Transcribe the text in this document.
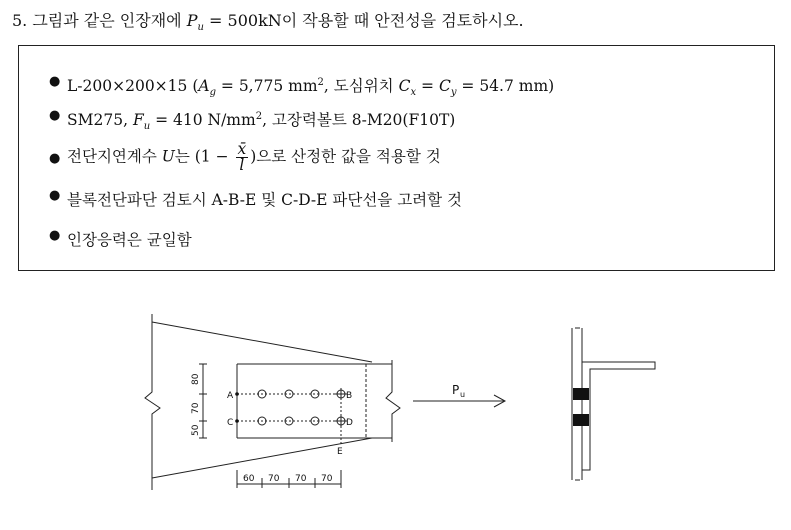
5. 그림과 같은 인장재에 $P_u = 500kN$이 작용할 때 안전성을 검토하시오.
● L-200×200×15 ($A_g = 5,775$ $mm^2$, 도심위치 $C_x = C_y = 54.7$ mm)
● SM275, $F_u = 410$ $N/mm^2$, 고장력볼트 8-M20(F10T)
● 전단지연계수 U는 ($1 - \frac{x̄}{l}$ )으로 산정한 값을 적용할 것
● 블록전단파단 검토시 A-B-E 및 C-D-E 파단선을 고려할 것
● 인장응력은 균일함
A	B
C	D
E
80
70
50
60 70 70 70
P u
